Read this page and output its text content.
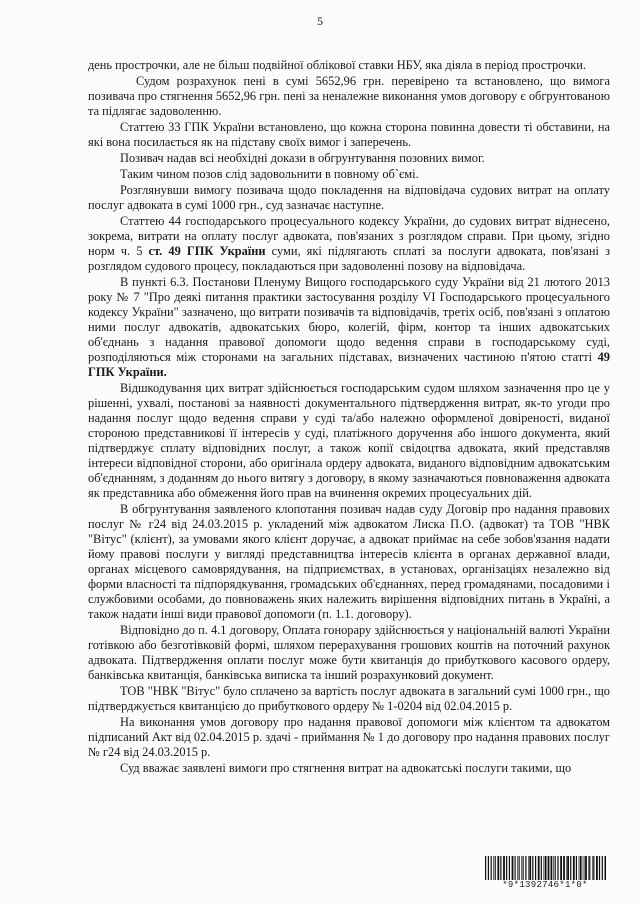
5

день прострочки, але не більш подвійної облікової ставки НБУ, яка діяла в період прострочки.

Судом розрахунок пені в сумі 5652,96 грн. перевірено та встановлено, що вимога позивача про стягнення 5652,96 грн. пені за неналежне виконання умов договору є обгрунтованою та підлягає задоволенню.

Статтею 33 ГПК України встановлено, що кожна сторона повинна довести ті обставини, на які вона посилається як на підставу своїх вимог і заперечень.

Позивач надав всі необхідні докази в обгрунтування позовних вимог.

Таким чином позов слід задовольнити в повному об`ємі.

Розглянувши вимогу позивача щодо покладення на відповідача судових витрат на оплату послуг адвоката в сумі 1000 грн., суд зазначає наступне.

Статтею 44 господарського процесуального кодексу України, до судових витрат віднесено, зокрема, витрати на оплату послуг адвоката, пов'язаних з розглядом справи. При цьому, згідно норм ч. 5 ст. 49 ГПК України суми, які підлягають сплаті за послуги адвоката, пов'язані з розглядом судового процесу, покладаються при задоволенні позову на відповідача.

В пункті 6.3. Постанови Пленуму Вищого господарського суду України від 21 лютого 2013 року № 7 "Про деякі питання практики застосування розділу VI Господарського процесуального кодексу України" зазначено, що витрати позивачів та відповідачів, третіх осіб, пов'язані з оплатою ними послуг адвокатів, адвокатських бюро, колегій, фірм, контор та інших адвокатських об'єднань з надання правової допомоги щодо ведення справи в господарському суді, розподіляються між сторонами на загальних підставах, визначених частиною п'ятою статті 49 ГПК України.

Відшкодування цих витрат здійснюється господарським судом шляхом зазначення про це у рішенні, ухвалі, постанові за наявності документального підтвердження витрат, як-то угоди про надання послуг щодо ведення справи у суді та/або належно оформленої довіреності, виданої стороною представникові її інтересів у суді, платіжного доручення або іншого документа, який підтверджує сплату відповідних послуг, а також копії свідоцтва адвоката, який представляв інтереси відповідної сторони, або оригінала ордеру адвоката, виданого відповідним адвокатським об'єднанням, з доданням до нього витягу з договору, в якому зазначаються повноваження адвоката як представника або обмеження його прав на вчинення окремих процесуальних дій.

В обгрунтування заявленого клопотання позивач надав суду Договір про надання правових послуг № г24 від 24.03.2015 р. укладений між адвокатом Лиска П.О. (адвокат) та ТОВ "НВК "Вітус" (клієнт), за умовами якого клієнт доручає, а адвокат приймає на себе зобов'язання надати йому правові послуги у вигляді представництва інтересів клієнта в органах державної влади, органах місцевого самоврядування, на підприємствах, в установах, організаціях незалежно від форми власності та підпорядкування, громадських об'єднаннях, перед громадянами, посадовими і службовими особами, до повноважень яких належить вирішення відповідних питань в Україні, а також надати інші види правової допомоги (п. 1.1. договору).

Відповідно до п. 4.1 договору, Оплата гонорару здійснюється у національній валюті України готівкою або безготівковій формі, шляхом перерахування грошових коштів на поточний рахунок адвоката. Підтвердження оплати послуг може бути квитанція до прибуткового касового ордеру, банківська квитанція, банківська виписка та інший розрахунковий документ.

ТОВ "НВК "Вітус" було сплачено за вартість послуг адвоката в загальний сумі 1000 грн., що підтверджується квитанцією до прибуткового ордеру № 1-0204 від 02.04.2015 р.

На виконання умов договору про надання правової допомоги між клієнтом та адвокатом підписаний Акт від 02.04.2015 р. здачі - приймання № 1 до договору про надання правових послуг № г24 від 24.03.2015 р.

Суд вважає заявлені вимоги про стягнення витрат на адвокатські послуги такими, що

*9*1392746*1*0*
